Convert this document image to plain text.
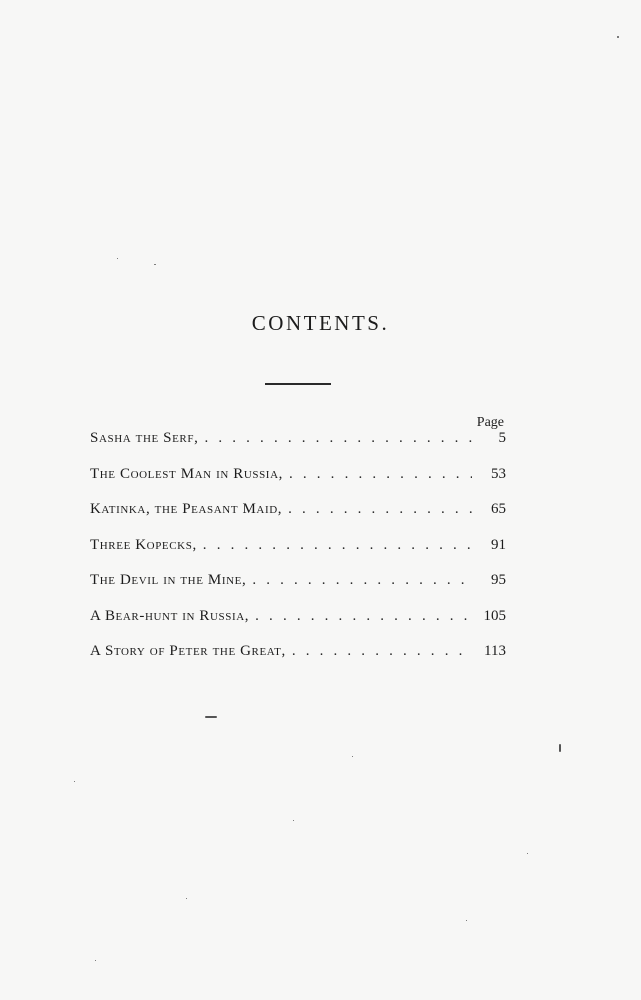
CONTENTS.
Page
Sasha the Serf, . . .	5
The Coolest Man in Russia, . . .	53
Katinka, the Peasant Maid, . . .	65
Three Kopecks, . . .	91
The Devil in the Mine, . . .	95
A Bear-hunt in Russia, . . .	105
A Story of Peter the Great, . . .	113
